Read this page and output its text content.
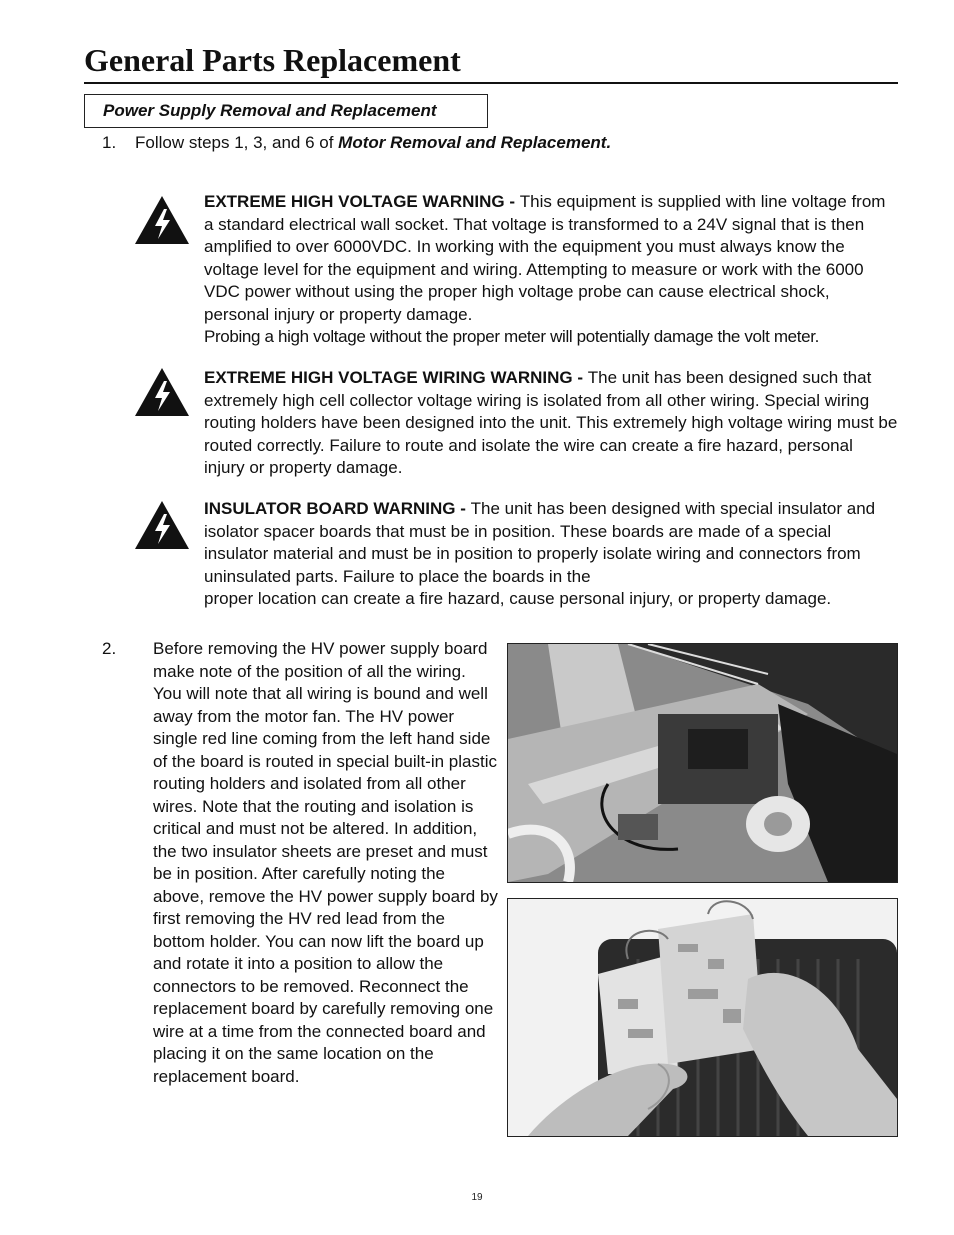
General Parts Replacement
Power Supply Removal and Replacement
1. Follow steps 1, 3, and 6 of Motor Removal and Replacement.
EXTREME HIGH VOLTAGE WARNING - This equipment is supplied with line voltage from a standard electrical wall socket. That voltage is transformed to a 24V signal that is then amplified to over 6000VDC. In working with the equipment you must always know the voltage level for the equipment and wiring. Attempting to measure or work with the 6000 VDC power without using the proper high voltage probe can cause electrical shock, personal injury or property damage.
Probing a high voltage without the proper meter will potentially damage the volt meter.
EXTREME HIGH VOLTAGE WIRING WARNING - The unit has been designed such that extremely high cell collector voltage wiring is isolated from all other wiring. Special wiring routing holders have been designed into the unit. This extremely high voltage wiring must be routed correctly. Failure to route and isolate the wire can create a fire hazard, personal injury or property damage.
INSULATOR BOARD WARNING - The unit has been designed with special insulator and isolator spacer boards that must be in position. These boards are made of a special insulator material and must be in position to properly isolate wiring and connectors from uninsulated parts. Failure to place the boards in the
proper location can create a fire hazard, cause personal injury, or property damage.
2. Before removing the HV power supply board make note of the position of all the wiring. You will note that all wiring is bound and well away from the motor fan. The HV power single red line coming from the left hand side of the board is routed in special built-in plastic routing holders and isolated from all other wires. Note that the routing and isolation is critical and must not be altered. In addition, the two insulator sheets are preset and must be in position. After carefully noting the above, remove the HV power supply board by first removing the HV red lead from the bottom holder. You can now lift the board up and rotate it into a position to allow the connectors to be removed. Reconnect the replacement board by carefully removing one wire at a time from the connected board and placing it on the same location on the replacement board.
19
